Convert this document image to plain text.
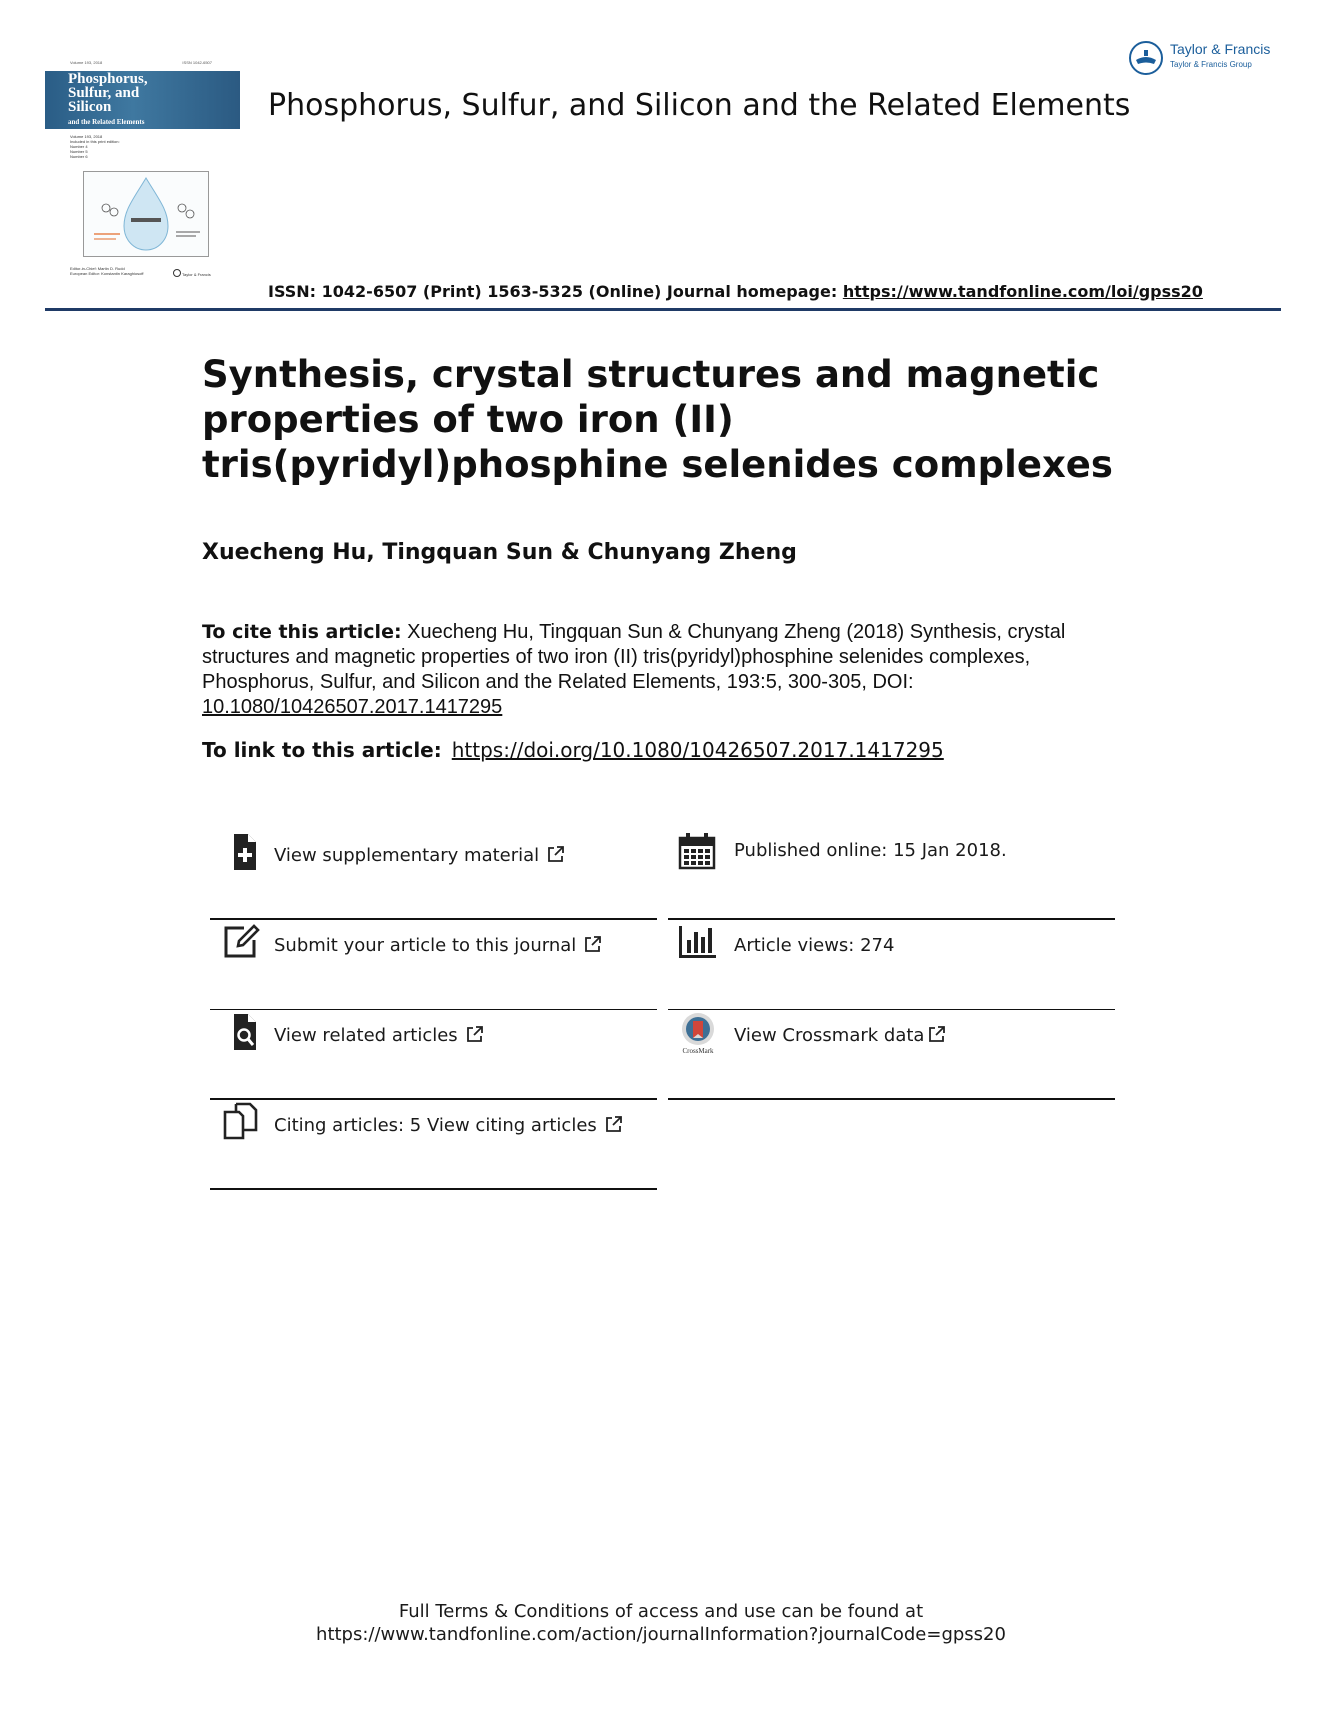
Volume 193, 2018	ISSN 1042-6507
Phosphorus, Sulfur, and Silicon
and the Related Elements
Volume 193, 2018
Included in this print edition:
Number 4
Number 5
Number 6
Editor-in-Chief: Martin D. Rudd
European Editor: Konstantin Karaghiosoff	Taylor & Francis
Phosphorus, Sulfur, and Silicon and the Related Elements
Taylor & Francis
Taylor & Francis Group
ISSN: 1042-6507 (Print) 1563-5325 (Online) Journal homepage: https://www.tandfonline.com/loi/gpss20
Synthesis, crystal structures and magnetic properties of two iron (II) tris(pyridyl)phosphine selenides complexes
Xuecheng Hu, Tingquan Sun & Chunyang Zheng
To cite this article: Xuecheng Hu, Tingquan Sun & Chunyang Zheng (2018) Synthesis, crystal structures and magnetic properties of two iron (II) tris(pyridyl)phosphine selenides complexes, Phosphorus, Sulfur, and Silicon and the Related Elements, 193:5, 300-305, DOI: 10.1080/10426507.2017.1417295
To link to this article: https://doi.org/10.1080/10426507.2017.1417295
View supplementary material	Published online: 15 Jan 2018.
Submit your article to this journal	Article views: 274
View related articles
CrossMark
View Crossmark data
Citing articles: 5 View citing articles
Full Terms & Conditions of access and use can be found at
https://www.tandfonline.com/action/journalInformation?journalCode=gpss20
